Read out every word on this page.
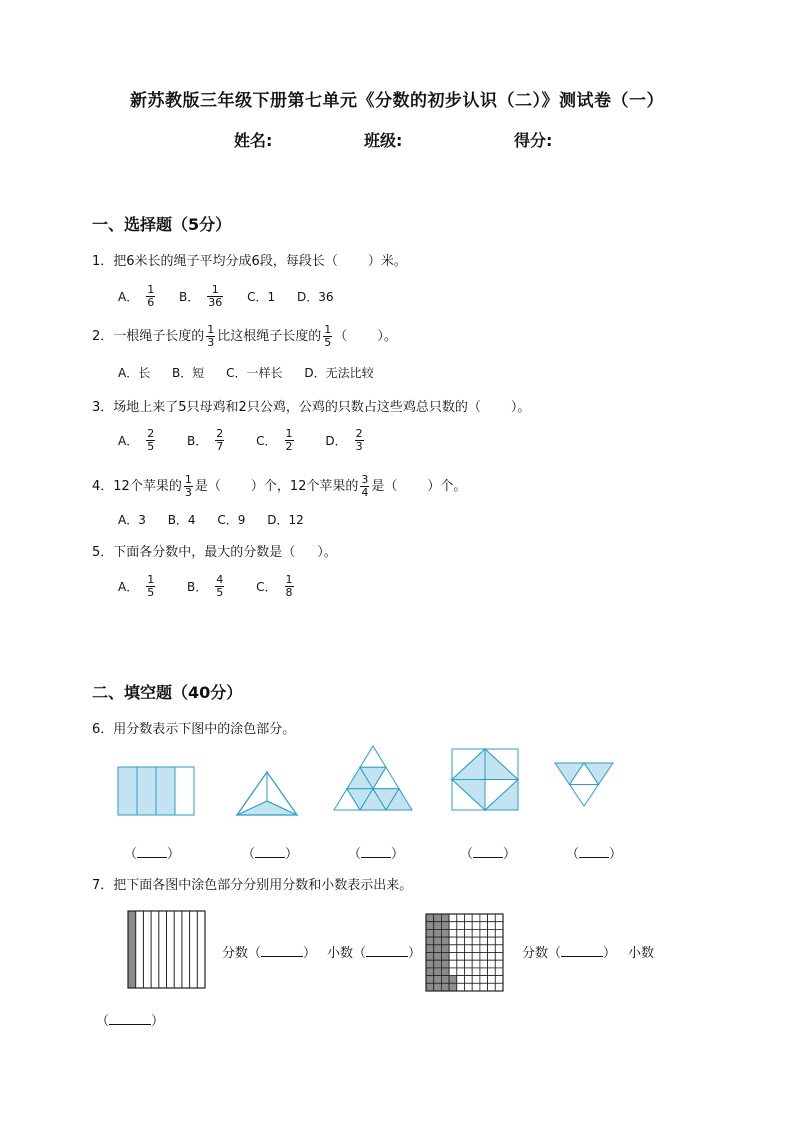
新苏教版三年级下册第七单元《分数的初步认识（二）》测试卷（一）
姓名:	班级:	得分:
一、选择题（5分）
1．把6米长的绳子平均分成6段，每段长（ ）米。
A． $\frac{1}{6}$
B． $\frac{1}{36}$
C．1
D．36
2．一根绳子长度的 $\frac{1}{3}$ 比这根绳子长度的 $\frac{1}{5}$ （ ）。
A．长 B．短 C．一样长 D．无法比较
3．场地上来了5只母鸡和2只公鸡，公鸡的只数占这些鸡总只数的（ ）。
A． $\frac{2}{5}$
	B． $\frac{2}{7}$
	C． $\frac{1}{2}$
	D． $\frac{2}{3}$
4．12个苹果的 $\frac{1}{3}$ 是（ ）个，12个苹果的 $\frac{3}{4}$ 是（ ）个。
A．3 B．4 C．9 D．12
5．下面各分数中，最大的分数是（ ）。
A． $\frac{1}{5}$
	B． $\frac{4}{5}$
	C． $\frac{1}{8}$
二、填空题（40分）
6．用分数表示下图中的涂色部分。
（ ）	（ ）	（ ）	（ ）	（ ）
7．把下面各图中涂色部分分别用分数和小数表示出来。
分数（	） 小数（	）	分数（	） 小数
（	）
